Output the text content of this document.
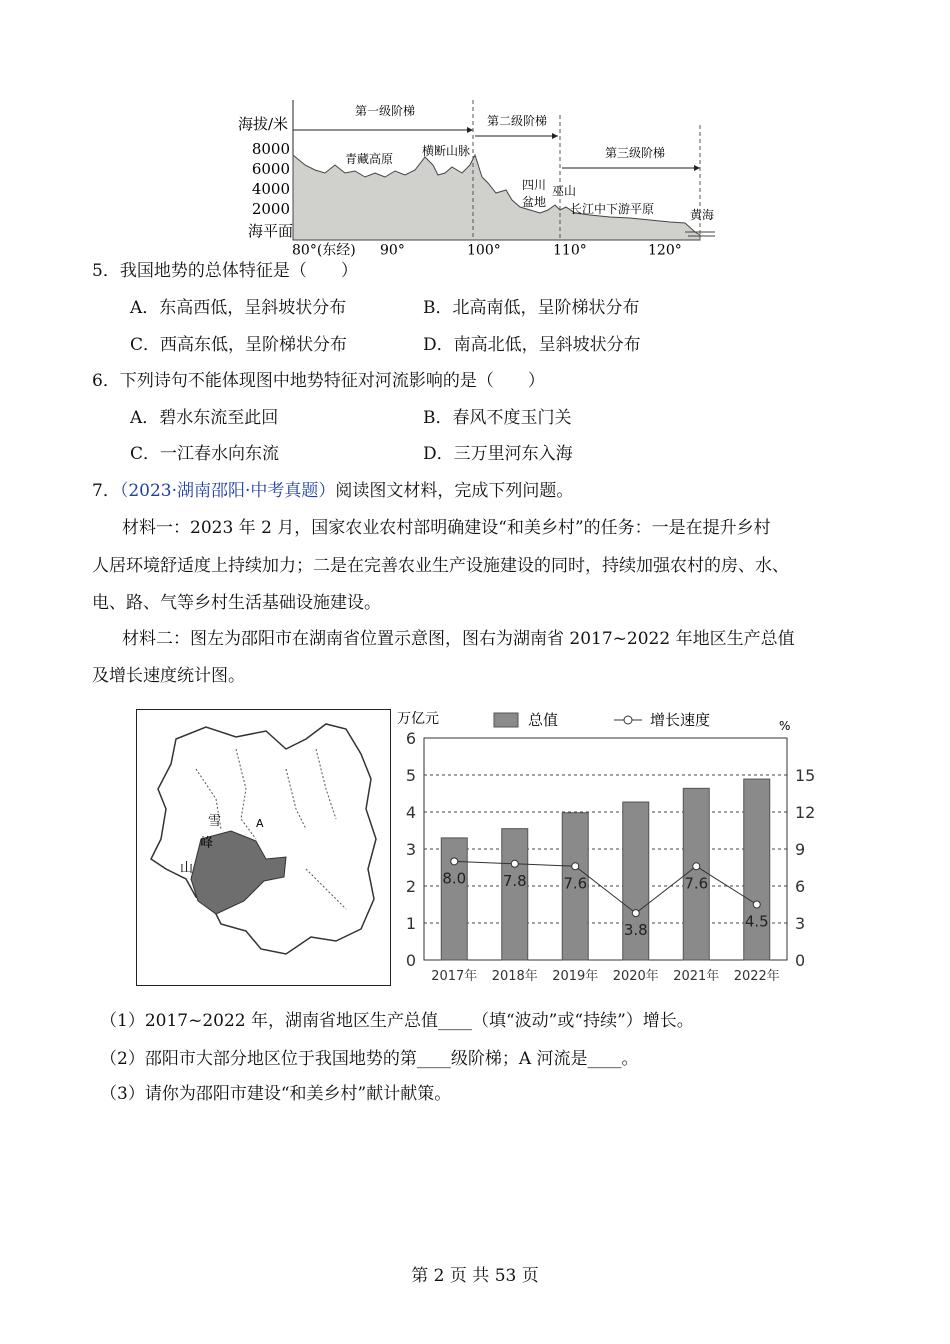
第一级阶梯
第二级阶梯
第三级阶梯
海拔/米
8000
6000
4000
2000
海平面
80°(东经) 90°	100°	110°	120°
青藏高原
横断山脉
四川
盆地
巫山
长江中下游平原	黄海
5．我国地势的总体特征是（　　）
A．东高西低，呈斜坡状分布	B．北高南低，呈阶梯状分布
C．西高东低，呈阶梯状分布	D．南高北低，呈斜坡状分布
6．下列诗句不能体现图中地势特征对河流影响的是（　　）
A．碧水东流至此回	B．春风不度玉门关
C．一江春水向东流	D．三万里河东入海
7．（2023·湖南邵阳·中考真题）阅读图文材料，完成下列问题。
材料一：2023 年 2 月，国家农业农村部明确建设“和美乡村”的任务：一是在提升乡村
人居环境舒适度上持续加力；二是在完善农业生产设施建设的同时，持续加强农村的房、水、
电、路、气等乡村生活基础设施建设。
材料二：图左为邵阳市在湖南省位置示意图，图右为湖南省 2017~2022 年地区生产总值
及增长速度统计图。
雪
峰
山
A
8.0 7.8 7.6
3.8
7.6
4.5
0
1
2
3
4
5
6
0
3
6
9
12
15
2017年 2018年 2019年 2020年 2021年 2022年
万亿元	%
总值	增长速度
（1）2017~2022 年，湖南省地区生产总值____（填“波动”或“持续”）增长。
（2）邵阳市大部分地区位于我国地势的第____级阶梯；A 河流是____。
（3）请你为邵阳市建设“和美乡村”献计献策。
第 2 页 共 53 页
